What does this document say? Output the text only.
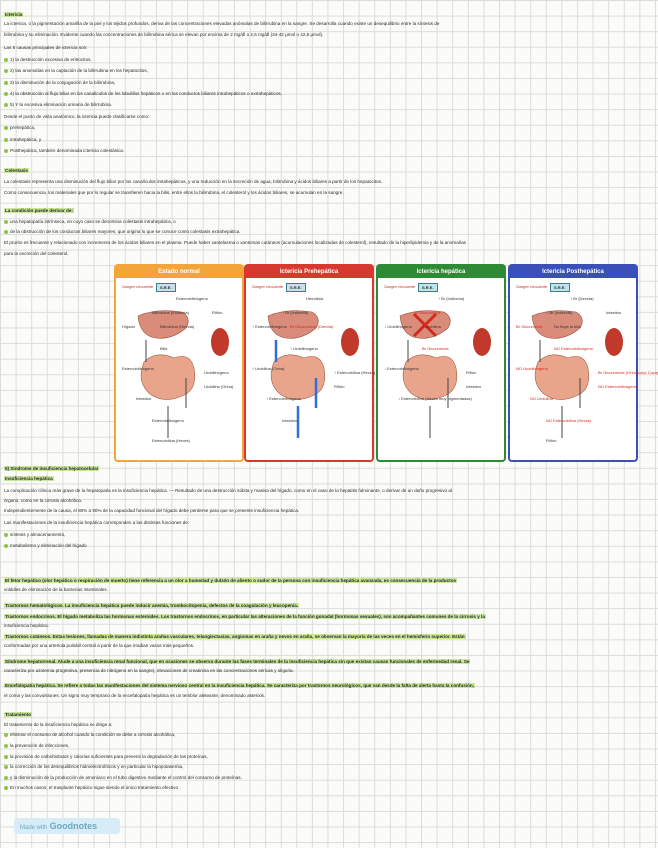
Ictericia
La ictericia, o la pigmentación amarilla de la piel y los tejidos profundos, deriva de las concentraciones elevadas anómalas de bilirrubina en la sangre. Se desarrolla cuando existe un desequilibrio entre la síntesis de
bilirrubina y su eliminación. Evidente cuando las concentraciones de bilirrubina sérica se elevan por encima de 2 mg/dl o 2,5 mg/dl (34-42 μmol o 42,8 μmol).
Las 5 causas principales de ictericia son:
1) la destrucción excesiva de eritrocitos,
2) las anomalías en la captación de la bilirrubina en los hepatocitos,
3) la disminución de la conjugación de la bilirrubina,
4) la obstrucción al flujo biliar en los canalículos de los lobulillos hepáticos o en los conductos biliares intrahepáticos o extrahepáticos,
5) Y la excesiva eliminación urinaria de bilirrubina.
Desde el punto de vista anatómico, la ictericia puede clasificarse como:
prehepática,
intrahepática, y
Posthepática, también denominada ictericia colestásica.
Colestasis
La colestasis representa una disminución del flujo biliar por los canalículos intrahepáticos, y una reducción en la secreción de agua, bilirrubina y ácidos biliares a partir de los hepatocitos.
Como consecuencia, los materiales que por lo regular se transfieren hacia la bilis, entre ellos la bilirrubina, el colesterol y los ácidos biliares, se acumulan en la sangre.
La condición puede derivar de:
una hepatopatía intrínseca, en cuyo caso se denomina colestasis intrahepática, o
de la obstrucción de los conductos biliares mayores, que origina lo que se conoce como colestasis extrahepática.
El prurito es frecuente y relacionado con incremento de los ácidos biliares en el plasma. Puede haber xantelasma o xantomas cutáneos (acumulaciones localizadas de colesterol), resultado de la hiperlipidemia y de la anomalías
para la excreción del colesterol.
5) Síndrome de insuficiencia hepatocelular
Insuficiencia hepática
La complicación clínica más grave de la hepatopatía es la insuficiencia hepática. — Resultado de una destrucción súbita y masiva del hígado, como en el caso de la hepatitis fulminante, o derivar de un daño progresivo al
órgano, como en la cirrosis alcohólica.
Independientemente de la causa, el 80% a 90% de la capacidad funcional del hígado debe perderse para que se presente insuficiencia hepática.
Las manifestaciones de la insuficiencia hepática corresponden a las distintas funciones de:
síntesis y almacenamiento,
metabolismo y eliminación del hígado
El fetor hepático (olor hepático o respiración de muerto) tiene referencia a un olor a humedad y dulzón de aliento o sudor de la persona con insuficiencia hepática avanzada, es consecuencia de la productos
volátiles de eliminación de la bacterias intestinales.
Trastornos hematológicos. La insuficiencia hepática puede inducir anemia, trombocitopenia, defectos de la coagulación y leucopenia.
Trastornos endocrinos. El hígado metaboliza las hormonas esteroides. Los trastornos endocrinos, en particular las alteraciones de la función gonadal (hormonas sexuales), son acompañantes comunes de la cirrosis y la
insuficiencia hepática.
Trastornos cutáneos. Estas lesiones, llamadas de manera indistinta arañas vasculares, telangiectasias, angiomas en araña y nevos en araña, se observan la mayoría de las veces en el hemisferio superior. Están
conformadas por una arteriola pulsátil central a partir de la que irradian vasos más pequeños.
Síndrome hepatorrenal. Alude a una insuficiencia renal funcional, que en ocasiones se observa durante las fases terminales de la insuficiencia hepática sin que existan causas funcionales de enfermedad renal. Se
caracteriza por azotemia progresiva, presencia de nitrógeno en la sangre), elevaciones de creatinina en las concentraciones séricas y oliguria.
Encefalopatía hepática. Se refiere a todas las manifestaciones del sistema nervioso central en la insuficiencia hepática. Se caracteriza por trastornos neurológicos, que van desde la falta de alerta hasta la confusión,
el coma y las convulsiones. Un signo muy temprano de la encefalopatía hepática es un temblor aleteante, denominado asterixis.
Tratamiento
El tratamiento de la insuficiencia hepática se dirige a:
eliminar el consumo de alcohol cuando la condición se debe a cirrosis alcohólica,
la prevención de infecciones,
la provisión de carbohidratos y calorías suficientes para prevenir la degradación de las proteínas,
la corrección de los desequilibrios hidroelectrolíticos y en particular la hipopotasemia,
y la disminución de la producción de amoníaco en el tubo digestivo mediante el control del consumo de proteínas.
En muchos casos, el trasplante hepático sigue siendo el único tratamiento efectivo
Estado normal
Sangre circulante	S.R.E.
Estercobilinógeno
Bilirrubina (Indirecta)
Hígado	Bilirrubina (Directa)
Bilis
Estercobilinógeno
Intestino
Urobilinógeno
Urobilina (Orina)
Estercobilinógeno
Estercobilina (Heces)
Riñón
Ictericia Prehepática
Sangre circulante	S.R.E.
Hemólisis
↑ Br (Indirecta)
↑ Estercobilinógeno Br Glucurónide (Directa)
↑ Urobilinógeno
↑ Urobilina (Orina)
↑ Estercobilinógeno
↑ Estercobilina (Heces)
Riñón
Intestino
Ictericia hepática
Sangre circulante	S.R.E.
↑ Br (Indirecta)
Br Glucurónide
↓ Urobilinógeno	↓ Urobilina
Br Glucurónide
↓ Estercobilinógeno
↓ Estercobilina (Heces muy pigmentadas)
Riñón
Intestino
Ictericia Posthepática
Sangre circulante	S.R.E.
↑ Br (Directa)
= Br (Indirecta)
Br Glucurónide	No fluye la bilis
NO Estercobilinógeno
NO Urobilinógeno
NO Urobilina
Br Glucurónide (Orina color Coca)
NO Estercobilinógeno
NO Estercobilina (Heces)
Riñón
Intestino
Made with Goodnotes
